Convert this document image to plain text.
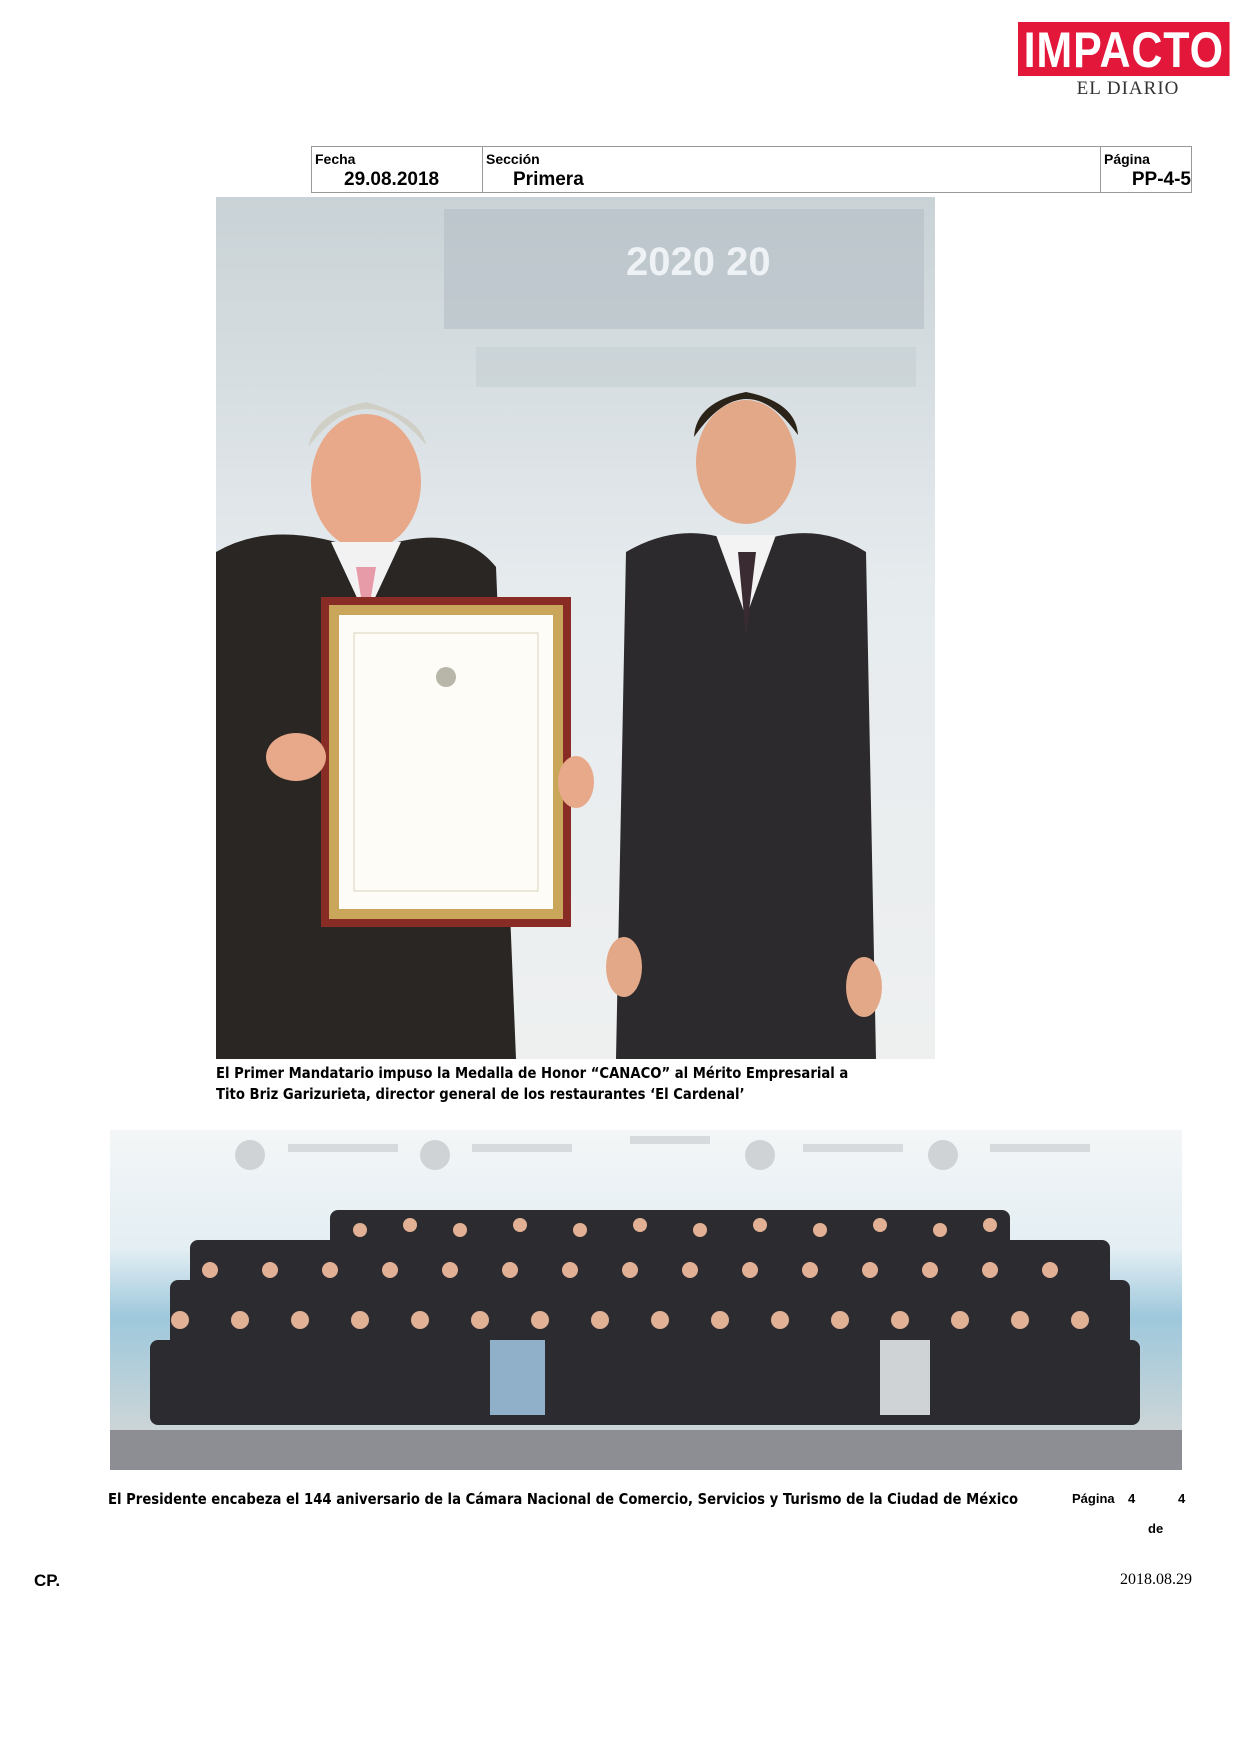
IMPACTO
EL DIARIO
Fecha
29.08.2018
Sección
Primera
Página
PP-4-5
2020 20
El Primer Mandatario impuso la Medalla de Honor “CANACO” al Mérito Empresarial a Tito Briz Garizurieta, director general de los restaurantes ‘El Cardenal’
El Presidente encabeza el 144 aniversario de la Cámara Nacional de Comercio, Servicios y Turismo de la Ciudad de México	Página 4	4
de
CP.	2018.08.29
